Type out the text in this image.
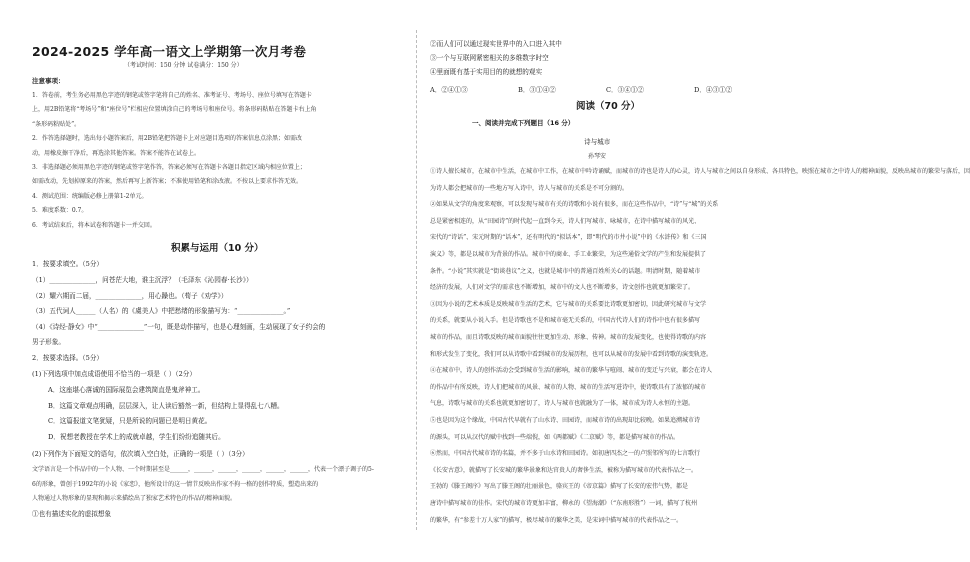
2024-2025 学年高一语文上学期第一次月考卷
（考试时间：150 分钟 试卷满分：150 分）
注意事项：
1．答卷前，考生务必用黑色字迹的钢笔或签字笔将自己的姓名、准考证号、考场号、座位号填写在答题卡
上，用2B铅笔将“考场号”和“座位号”栏相应位置填涂自己的考场号和座位号。将条形码粘贴在答题卡右上角
“条形码粘贴处”。
2．作答选择题时，选出每小题答案后，用2B铅笔把答题卡上对应题目选项的答案信息点涂黑；如需改
动，用橡皮擦干净后，再选涂其他答案。答案不能答在试卷上。
3．非选择题必须用黑色字迹的钢笔或签字笔作答，答案必须写在答题卡各题目指定区域内相应位置上；
如需改动，先划掉原来的答案，然后再写上新答案；不准使用铅笔和涂改液。不按以上要求作答无效。
4．测试范围：统编版必修上册第1-2单元。
5．难度系数：0.7。
6．考试结束后，将本试卷和答题卡一并交回。
积累与运用（10 分）
1．按要求填空。（5分）
（1）______________，问苍茫大地，谁主沉浮？（毛泽东《沁园春·长沙》）
（2）耀六期而二届，______________，用心躁也。（荀子《劝学》）
（3）五代词人______（人名）的《虞美人》中把愁绪的形象描写为：“______________。”
（4）《诗经·静女》中“______________”一句，既是动作描写，也是心理刻画，生动展现了女子约会的
男子形象。
2．按要求选择。（5分）
(1)下列选项中加点成语使用不恰当的一项是（ ）（2分）
A．这座堪心落诚的国际展览会建筑简直是鬼斧神工。
B．这篇文章观点明确，层层深入，让人读后豁然一新，但结构上显得乱七八糟。
C．这篇报道文笔犹疑，只是所说的问题已是明日黄花。
D．祝想老教授在学术上的成就卓越，学生们纷纷追随其后。
(2)下列作为下面短文的语句，依次填入空白处，正确的一项是（ ）（3分）
文学语言是一个作品中的一个人物、一个时期甚至是______，______，______，______，______，______，代表一个漂子调子的5-
6的形象，曾创于1992年的小说《家恋》，他所设计的这一情节反映出作家不拘一格的创作特质，塑造出来的
人物通过人物形象的显现和揭示来描绘出了独家艺术特色的作品的精神面貌。
①也有描述实化的虚拟想象
②而人们可以通过现实世界中的入口进入其中
③一个与互联网紧密相关的多维数字时空
④里面既有基于实用目的的就想的观实
A．②④①③	B．③①④②	C．③④①②	D．④③①②
阅读（70 分）
一、阅读并完成下列题目（16 分）
诗与城市
孙琴安
①诗人擅长城市，在城市中生活，在城市中工作，在城市中吟诗诵赋，而城市的诗也是诗人的心灵，诗人与城市之间以自身形成、各具特色，映照在城市之中诗人的精神面貌，反映出城市的繁荣与落后，因
为诗人都会把城市的一些地方写入诗中，诗人与城市的关系是不可分割的。
②如果从文学的角度来观察，可以发现与城市有关的诗歌和小说有很多，而在这些作品中，“诗”与“城”的关系
总是紧密相连的，从“田园诗”的时代起一直到今天，诗人们写城市、咏城市，在诗中描写城市的风光、
宋代的“诗话”、宋元时期的“话本”，还有明代的“拟话本”，即“明代的市井小说”中的《水浒传》和《三国
演义》等，都是以城市为背景的作品。城市中的商业、手工业繁荣，为这些通俗文学的产生和发展提供了
条件。“小说”其实就是“街谈巷议”之义，也就是城市中的普通百姓所关心的话题。明清时期，随着城市
经济的发展，人们对文学的需求也不断增加，城市中的文人也不断增多，诗文创作也就更加繁荣了。
③因为小说的艺术本质是反映城市生活的艺术，它与城市的关系要比诗歌更加密切，因此研究城市与文学
的关系，就要从小说入手。但是诗歌也不是和城市毫无关系的，中国古代诗人们的诗作中也有很多描写
城市的作品，而且诗歌反映的城市面貌往往更加生动、形象、传神。城市的发展变化，也使得诗歌的内容
和形式发生了变化，我们可以从诗歌中看到城市的发展历程，也可以从城市的发展中看到诗歌的演变轨迹。
④在城市中，诗人的创作活动会受到城市生活的影响，城市的繁华与喧闹、城市的变迁与兴衰，都会在诗人
的作品中有所反映，诗人们把城市的风景、城市的人物、城市的生活写进诗中，使诗歌具有了浓郁的城市
气息，诗歌与城市的关系也就更加密切了，诗人与城市也就融为了一体，城市成为诗人永恒的主题。
⑤也是因为这个缘故，中国古代早就有了山水诗、田园诗，而城市诗的出现却比较晚。如果追溯城市诗
的源头，可以从汉代的赋中找到一些端倪，如《两都赋》《二京赋》等，都是描写城市的作品。
⑥然而，中国古代城市诗的名篇，并不多于山水诗和田园诗。如初唐四杰之一的卢照邻所写的七言歌行
《长安古意》，就描写了长安城的繁华景象和达官贵人的奢侈生活，被称为描写城市的代表作品之一。
王勃的《滕王阁序》写出了滕王阁的壮丽景色，骆宾王的《帝京篇》描写了长安的宏伟气势，都是
唐诗中描写城市的佳作。宋代的城市诗更加丰富，柳永的《望海潮》（“东南形胜”）一词，描写了杭州
的繁华，有“参差十万人家”的描写，极尽城市的繁华之美，是宋词中描写城市的代表作品之一。
